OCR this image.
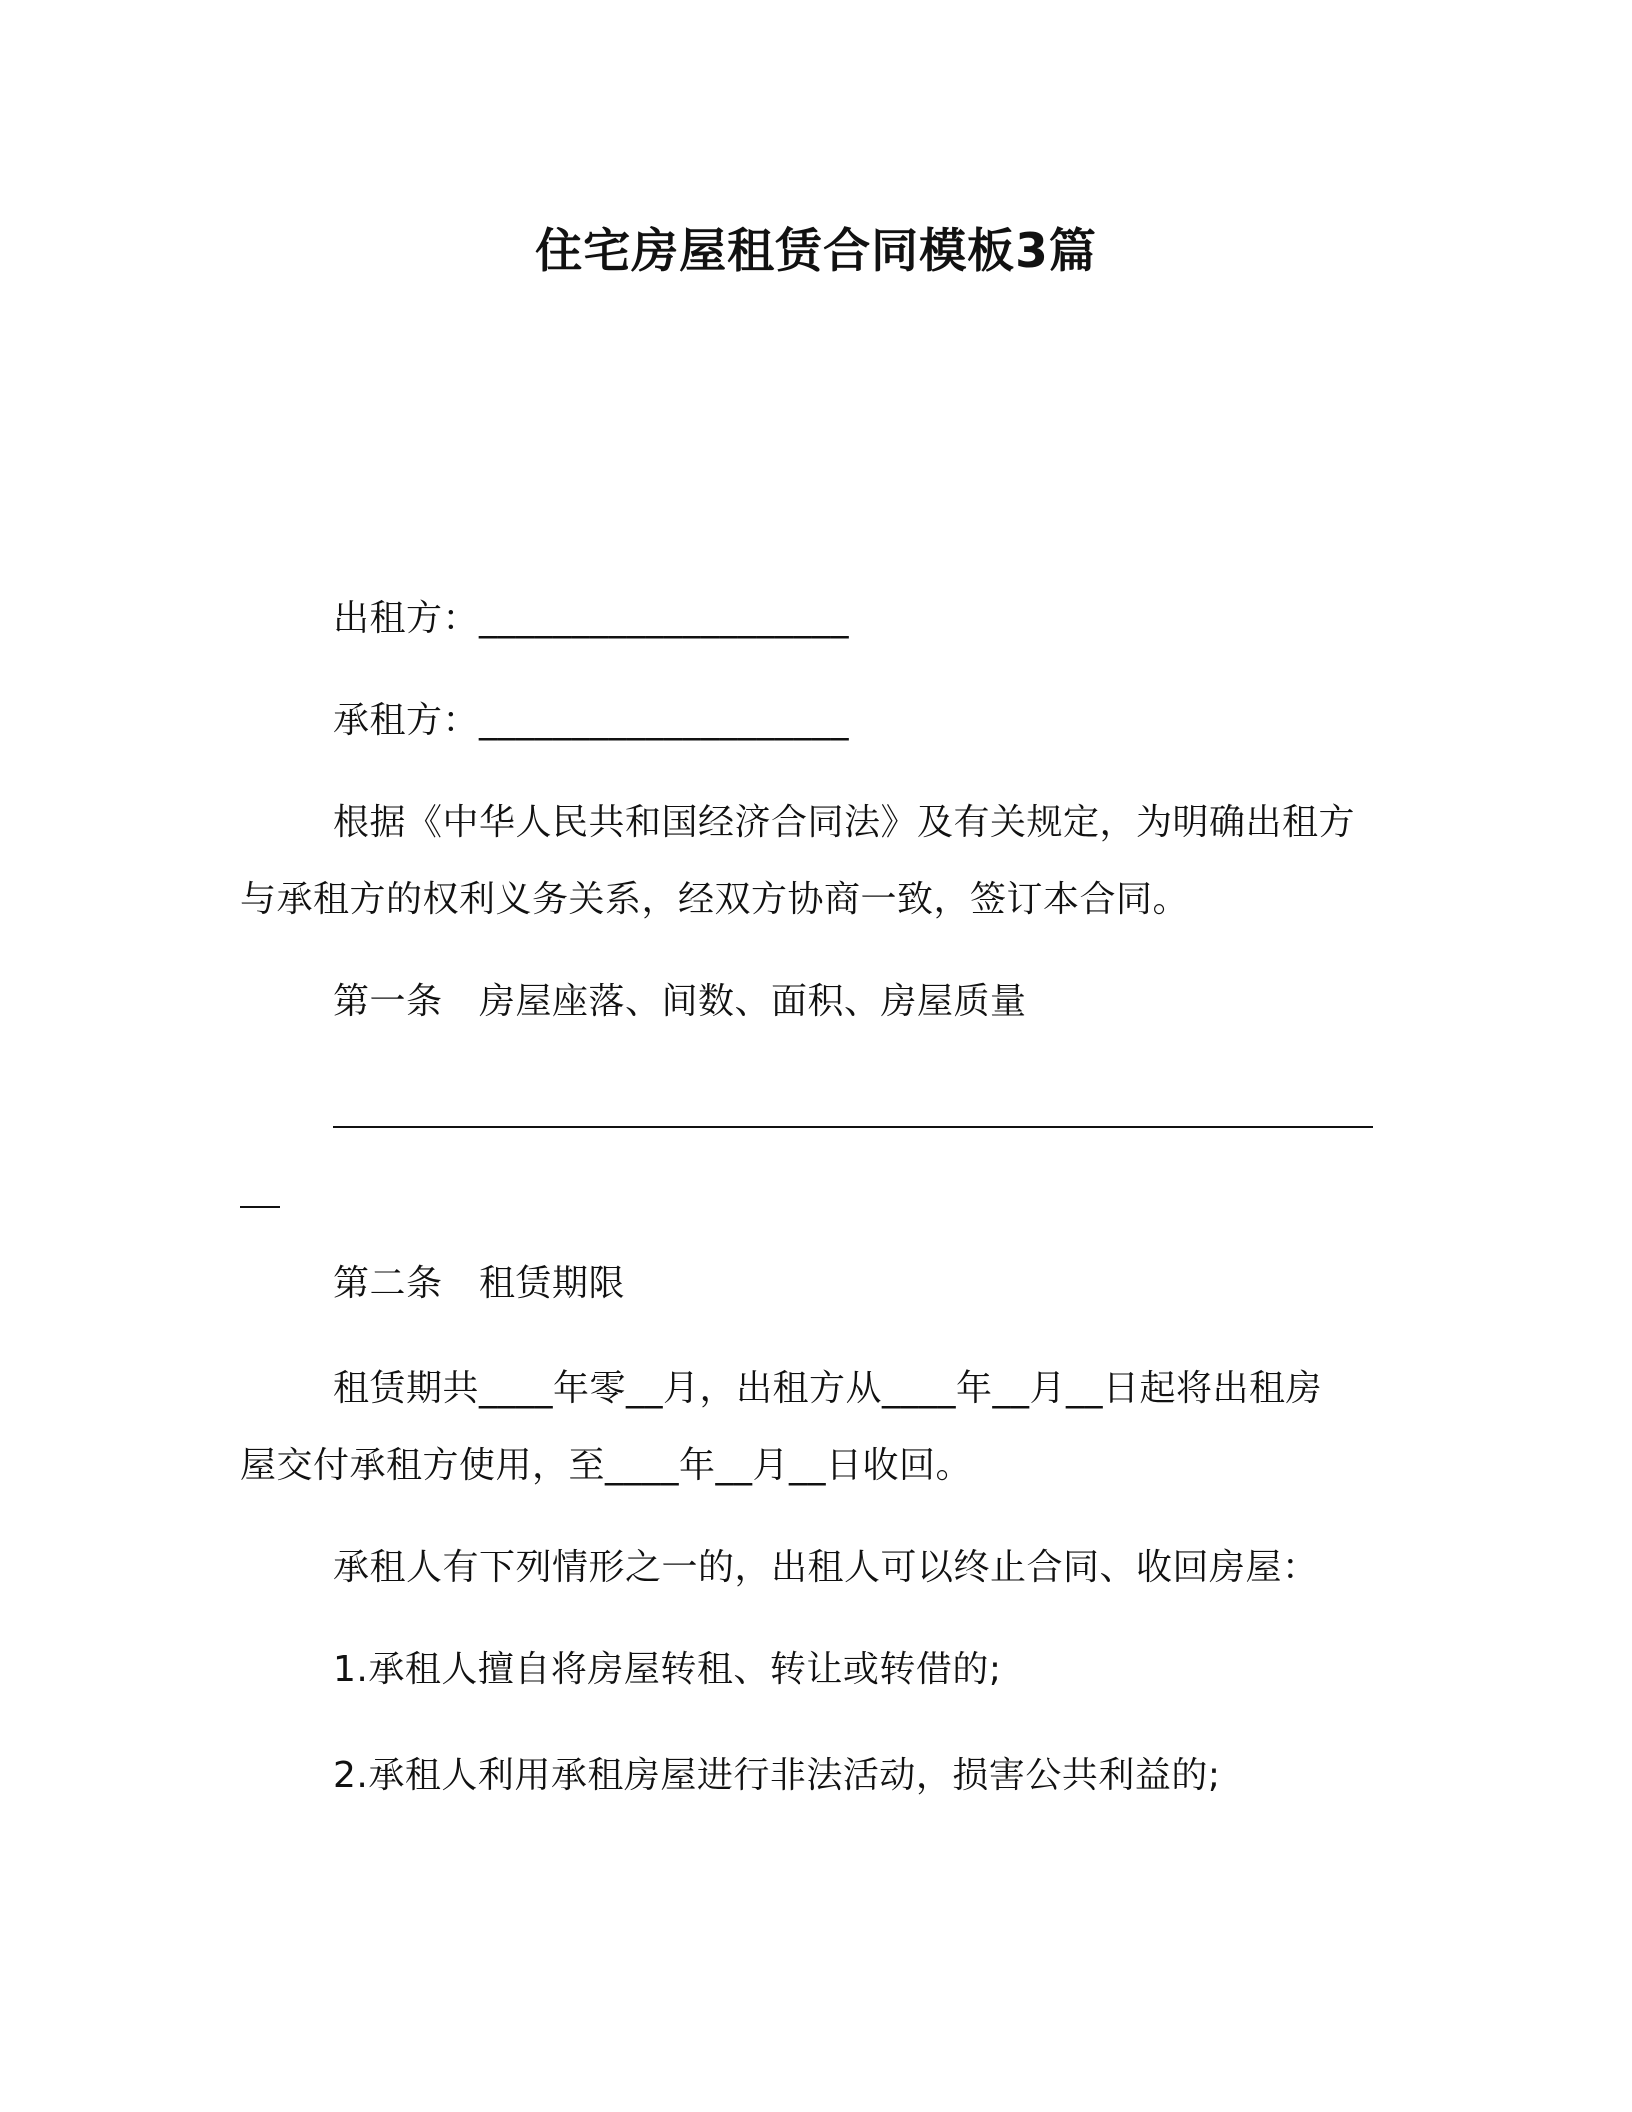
住宅房屋租赁合同模板3篇
出租方：____________________
承租方：____________________
根据《中华人民共和国经济合同法》及有关规定，为明确出租方
与承租方的权利义务关系，经双方协商一致，签订本合同。
第一条　房屋座落、间数、面积、房屋质量
第二条　租赁期限
租赁期共____年零__月，出租方从____年__月__日起将出租房
屋交付承租方使用，至____年__月__日收回。
承租人有下列情形之一的，出租人可以终止合同、收回房屋：
1.承租人擅自将房屋转租、转让或转借的;
2.承租人利用承租房屋进行非法活动，损害公共利益的;
